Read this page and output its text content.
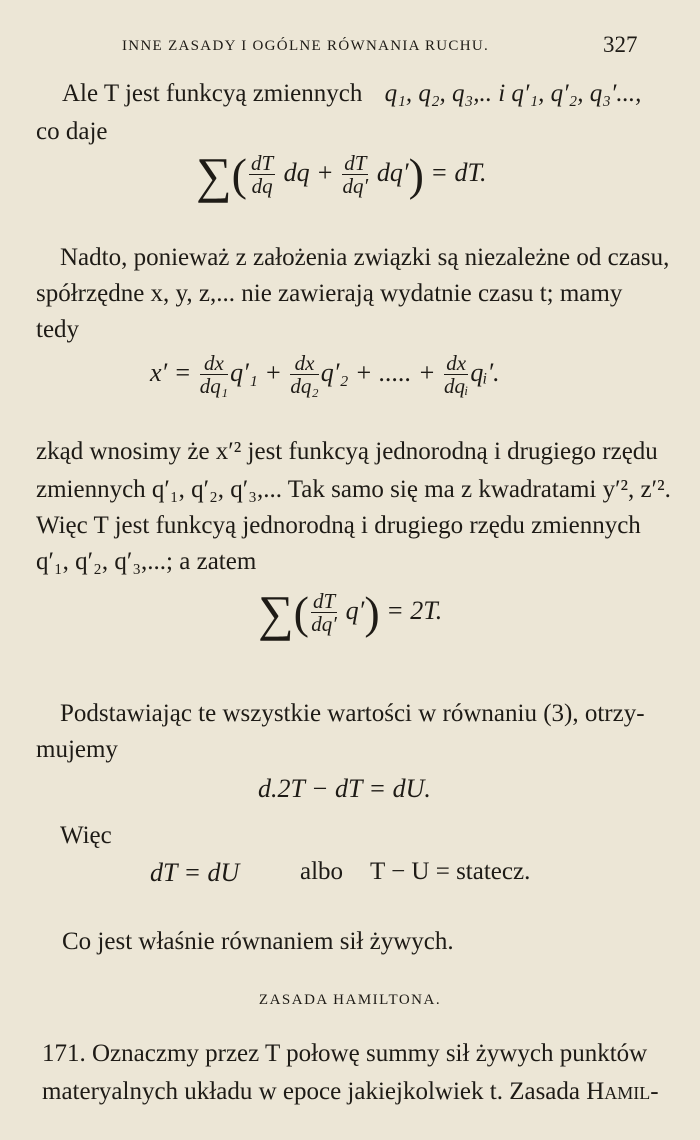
INNE ZASADY I OGÓLNE RÓWNANIA RUCHU.	327
Ale T jest funkcyą zmiennych q₁, q₂, q₃,.. i q′₁, q′₂, q₃′...,
co daje
∑( $\frac{dT}{dq}$ dq + $\frac{dT}{dq'} dq'$) = dT.
Nadto, ponieważ z założenia związki są niezależne od czasu,
spółrzędne x, y, z,... nie zawierają wydatnie czasu t; mamy
tedy
$x' = \frac{dx}{\text{dq₁}} q'_1 + \frac{dx}{\text{dq₂}} q'_2$ + ..... + $\frac{dx}{\text{dqᵢ}}$ qᵢ′.
zkąd wnosimy że x′² jest funkcyą jednorodną i drugiego rzędu
zmiennych q′₁, q′₂, q′₃,... Tak samo się ma z kwadratami y′², z′².
Więc T jest funkcyą jednorodną i drugiego rzędu zmiennych
q′₁, q′₂, q′₃,...; a zatem
∑( $\frac{dT}{dq'} q') = 2T$.
Podstawiając te wszystkie wartości w równaniu (3), otrzy-
mujemy
d.2T − dT = dU.
Więc
dT = dU albo T − U = statecz.
Co jest właśnie równaniem sił żywych.
ZASADA HAMILTONA.
171. Oznaczmy przez T połowę summy sił żywych punktów
materyalnych układu w epoce jakiejkolwiek t. Zasada Hamil-
